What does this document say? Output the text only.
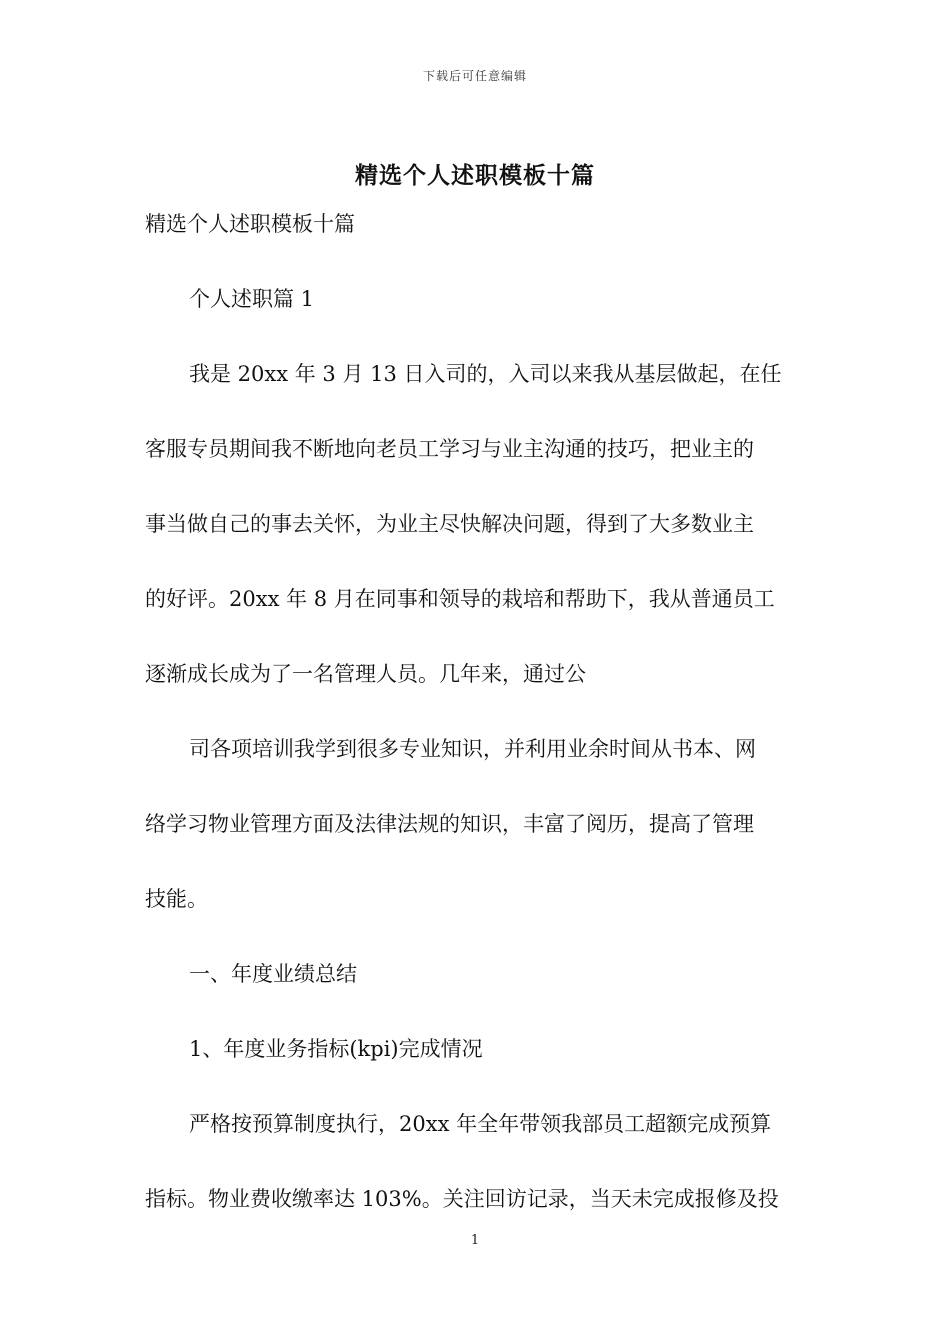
下载后可任意编辑
精选个人述职模板十篇
精选个人述职模板十篇
个人述职篇 1
我是 20xx 年 3 月 13 日入司的，入司以来我从基层做起，在任
客服专员期间我不断地向老员工学习与业主沟通的技巧，把业主的
事当做自己的事去关怀，为业主尽快解决问题，得到了大多数业主
的好评。20xx 年 8 月在同事和领导的栽培和帮助下，我从普通员工
逐渐成长成为了一名管理人员。几年来，通过公
司各项培训我学到很多专业知识，并利用业余时间从书本、网
络学习物业管理方面及法律法规的知识，丰富了阅历，提高了管理
技能。
一、年度业绩总结
1、年度业务指标(kpi)完成情况
严格按预算制度执行，20xx 年全年带领我部员工超额完成预算
指标。物业费收缴率达 103%。关注回访记录，当天未完成报修及投
1
